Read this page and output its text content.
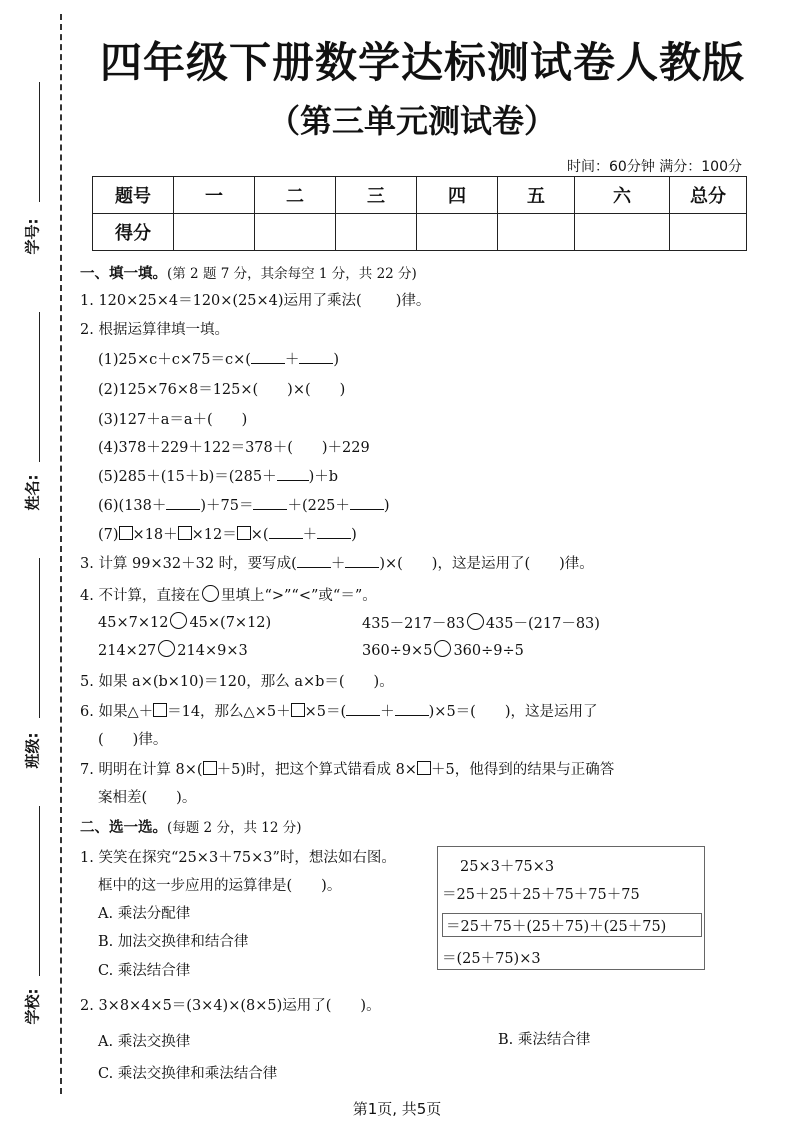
学号:
姓名:
班级:
学校:
四年级下册数学达标测试卷人教版
（第三单元测试卷）
时间：60分钟 满分：100分
题号	一	二	三	四	五	六	总分
得分							
一、填一填。(第 2 题 7 分，其余每空 1 分，共 22 分)
1. 120×25×4＝120×(25×4)运用了乘法( )律。
2. 根据运算律填一填。
(1)25×c＋c×75＝c×( ＋ )
(2)125×76×8＝125×(　　)×(　　)
(3)127＋a＝a＋(　　)
(4)378＋229＋122＝378＋(　　)＋229
(5)285＋(15＋b)＝(285＋ )＋b
(6)(138＋ )＋75＝ ＋(225＋ )
(7) ×18＋ ×12＝ ×( ＋ )
3. 计算 99×32＋32 时，要写成( ＋ )×(　　)，这是运用了(　　)律。
4. 不计算，直接在 里填上“>”“<”或“＝”。
45×7×12 45×(7×12)	435－217－83 435－(217－83)
214×27 214×9×3	360÷9×5 360÷9÷5
5. 如果 a×(b×10)＝120，那么 a×b＝(　　)。
6. 如果△＋ ＝14，那么△×5＋ ×5＝( ＋ )×5＝(　　)，这是运用了
(　　)律。
7. 明明在计算 8×( ＋5)时，把这个算式错看成 8× ＋5，他得到的结果与正确答
案相差(　　)。
二、选一选。(每题 2 分，共 12 分)
1. 笑笑在探究“25×3＋75×3”时，想法如右图。
框中的这一步应用的运算律是(　　)。
A. 乘法分配律
B. 加法交换律和结合律
C. 乘法结合律
2. 3×8×4×5＝(3×4)×(8×5)运用了(　　)。
A. 乘法交换律	B. 乘法结合律
C. 乘法交换律和乘法结合律
25×3＋75×3
＝25＋25＋25＋75＋75＋75
＝25＋75＋(25＋75)＋(25＋75)
＝(25＋75)×3
第1页, 共5页
